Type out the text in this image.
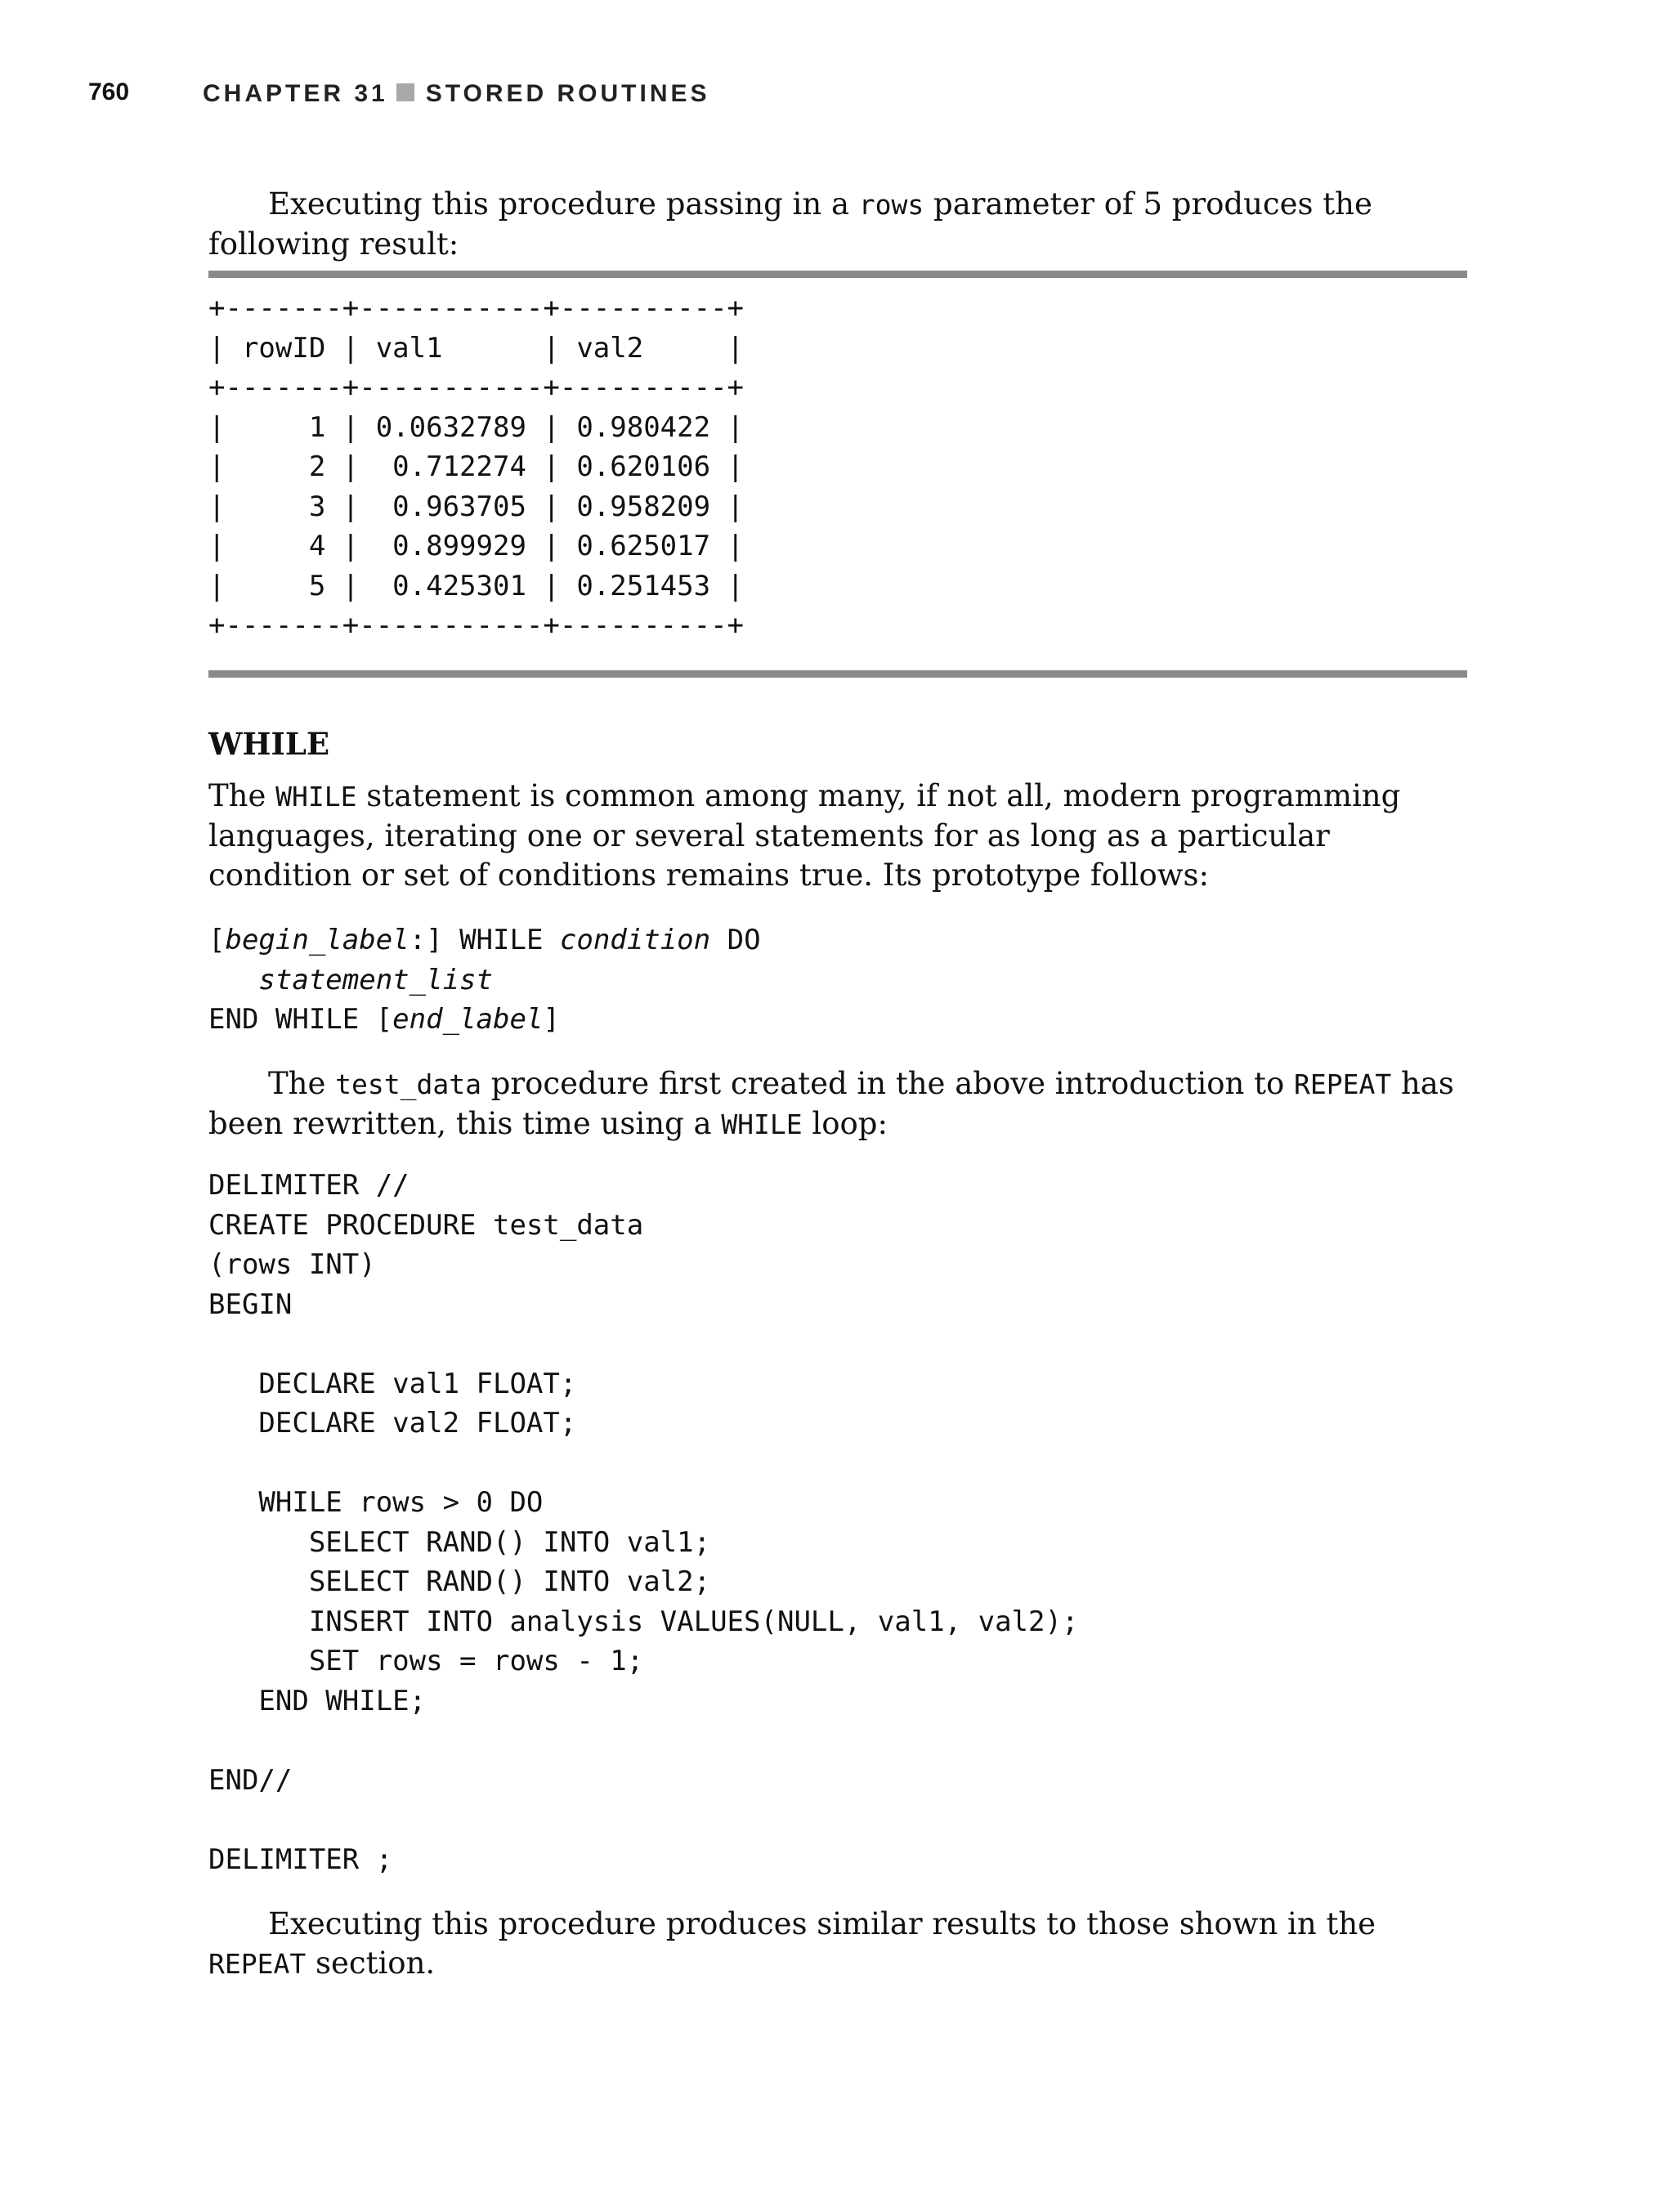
760	CHAPTER 31 STORED ROUTINES

Executing this procedure passing in a rows parameter of 5 produces the following result:

+-------+-----------+----------+
| rowID | val1      | val2     |
+-------+-----------+----------+
|     1 | 0.0632789 | 0.980422 |
|     2 |  0.712274 | 0.620106 |
|     3 |  0.963705 | 0.958209 |
|     4 |  0.899929 | 0.625017 |
|     5 |  0.425301 | 0.251453 |
+-------+-----------+----------+
WHILE

The WHILE statement is common among many, if not all, modern programming languages, iterating one or several statements for as long as a particular condition or set of conditions remains true. Its prototype follows:

[begin_label:] WHILE condition DO
statement_list
END WHILE [end_label]

The test_data procedure first created in the above introduction to REPEAT has been rewritten, this time using a WHILE loop:

DELIMITER //
CREATE PROCEDURE test_data
(rows INT)
BEGIN

DECLARE val1 FLOAT;
DECLARE val2 FLOAT;

WHILE rows > 0 DO
SELECT RAND() INTO val1;
SELECT RAND() INTO val2;
INSERT INTO analysis VALUES(NULL, val1, val2);
SET rows = rows - 1;
END WHILE;

END//

DELIMITER ;

Executing this procedure produces similar results to those shown in the REPEAT section.
